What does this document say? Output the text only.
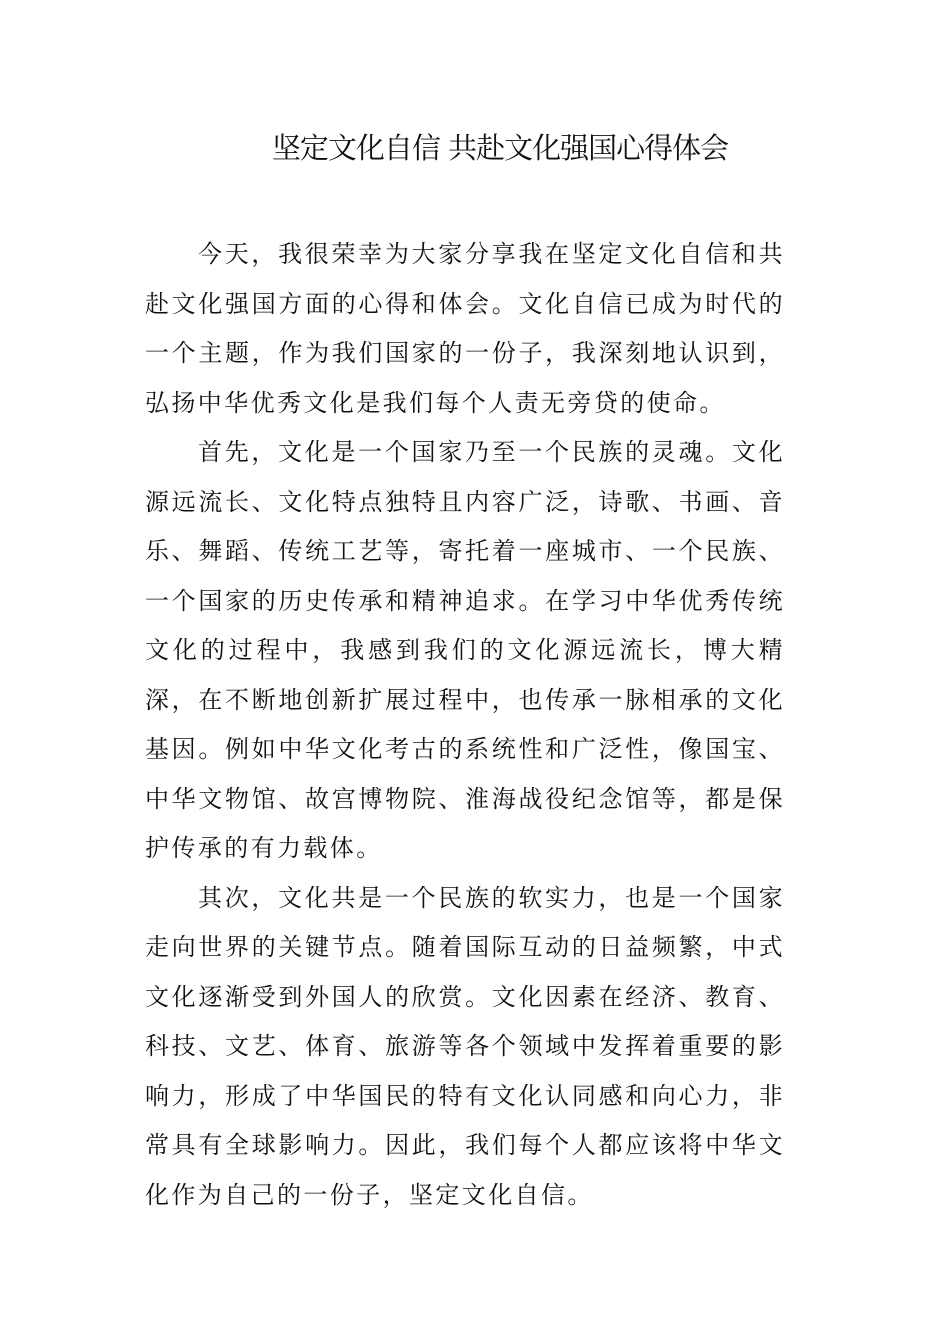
坚定文化自信 共赴文化强国心得体会

今天，我很荣幸为大家分享我在坚定文化自信和共赴文化强国方面的心得和体会。文化自信已成为时代的一个主题，作为我们国家的一份子，我深刻地认识到，弘扬中华优秀文化是我们每个人责无旁贷的使命。

首先，文化是一个国家乃至一个民族的灵魂。文化源远流长、文化特点独特且内容广泛，诗歌、书画、音乐、舞蹈、传统工艺等，寄托着一座城市、一个民族、一个国家的历史传承和精神追求。在学习中华优秀传统文化的过程中，我感到我们的文化源远流长，博大精深，在不断地创新扩展过程中，也传承一脉相承的文化基因。例如中华文化考古的系统性和广泛性，像国宝、中华文物馆、故宫博物院、淮海战役纪念馆等，都是保护传承的有力载体。

其次，文化共是一个民族的软实力，也是一个国家走向世界的关键节点。随着国际互动的日益频繁，中式文化逐渐受到外国人的欣赏。文化因素在经济、教育、科技、文艺、体育、旅游等各个领域中发挥着重要的影响力，形成了中华国民的特有文化认同感和向心力，非常具有全球影响力。因此，我们每个人都应该将中华文化作为自己的一份子，坚定文化自信。
